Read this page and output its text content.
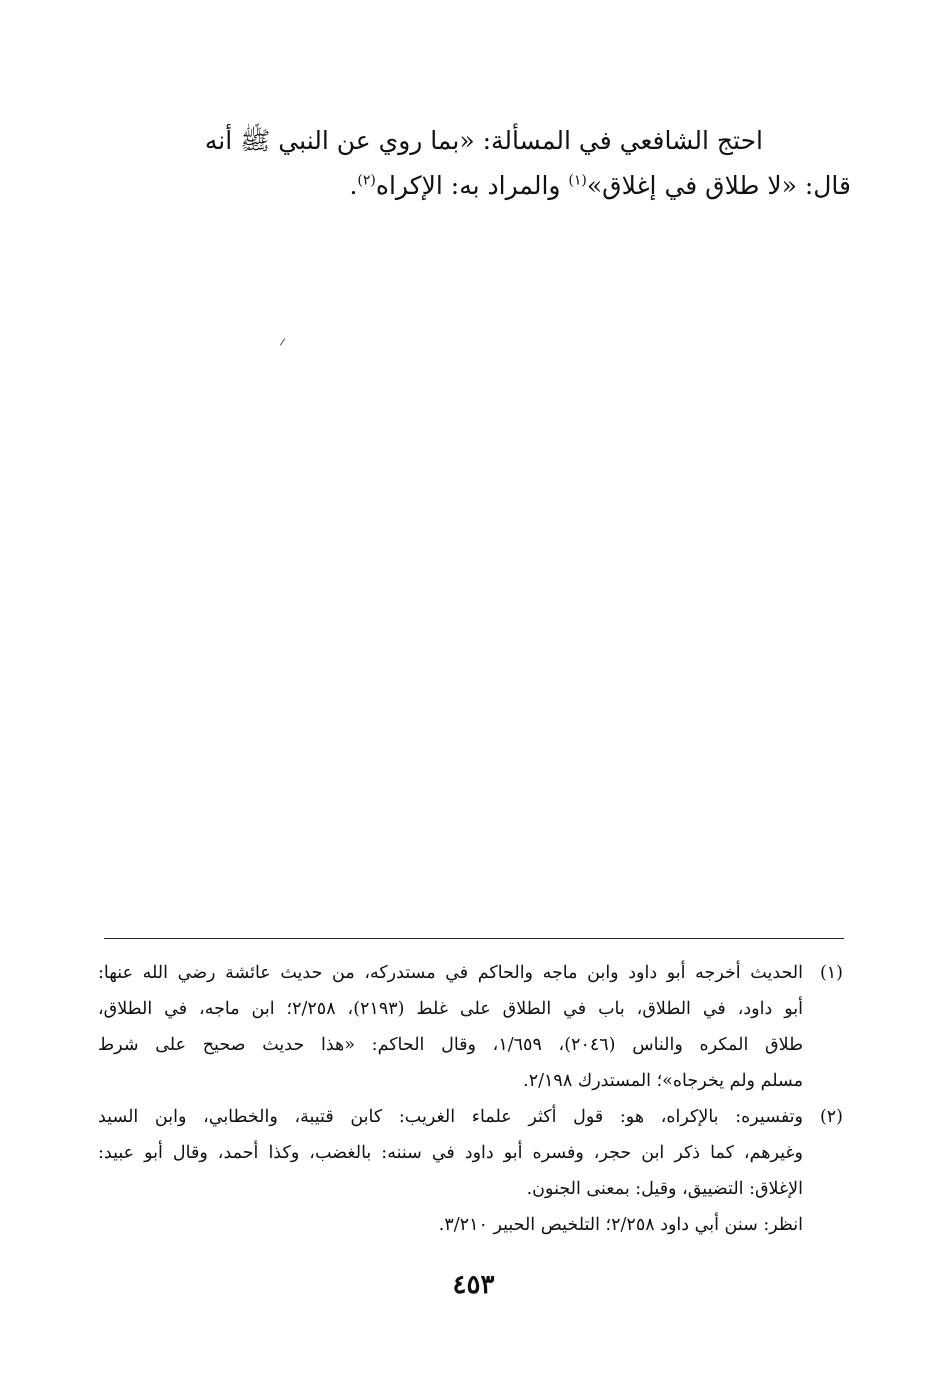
احتج الشافعي في المسألة: «بما روي عن النبي ﷺ أنه
قال: «لا طلاق في إغلاق»$^{(١)}$ والمراد به: الإكراه$^{(٢)}$.
(١)
الحديث أخرجه أبو داود وابن ماجه والحاكم في مستدركه، من حديث عائشة رضي الله عنها:
أبو داود، في الطلاق، باب في الطلاق على غلط (٢١٩٣)، ٢/٢٥٨؛ ابن ماجه، في الطلاق،
طلاق المكره والناس (٢٠٤٦)، ١/٦٥٩، وقال الحاكم: «هذا حديث صحيح على شرط
مسلم ولم يخرجاه»؛ المستدرك ٢/١٩٨.
(٢)
وتفسيره: بالإكراه، هو: قول أكثر علماء الغريب: كابن قتيبة، والخطابي، وابن السيد
وغيرهم، كما ذكر ابن حجر، وفسره أبو داود في سننه: بالغضب، وكذا أحمد، وقال أبو عبيد:
الإغلاق: التضييق، وقيل: بمعنى الجنون.
انظر: سنن أبي داود ٢/٢٥٨؛ التلخيص الحبير ٣/٢١٠.
٤٥٣
